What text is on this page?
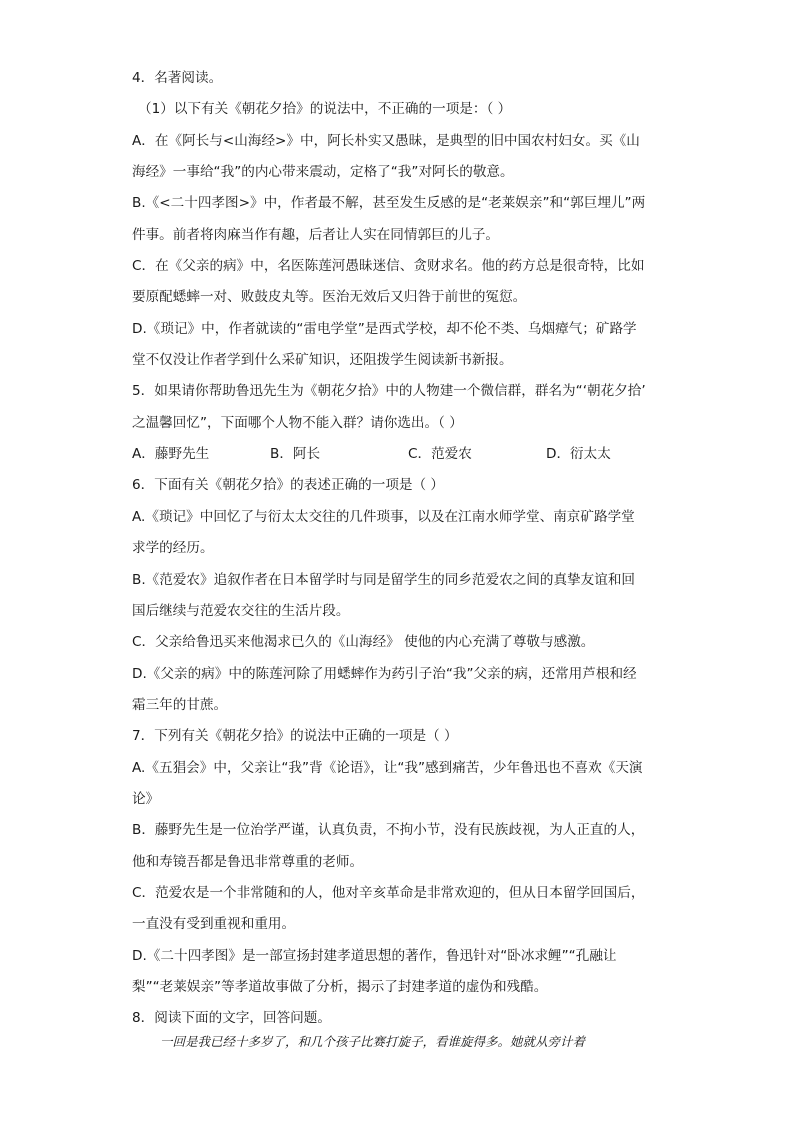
4．名著阅读。
（1）以下有关《朝花夕拾》的说法中，不正确的一项是：（ ）
A．在《阿长与<山海经>》中，阿长朴实又愚昧，是典型的旧中国农村妇女。买《山
海经》一事给“我”的内心带来震动，定格了“我”对阿长的敬意。
B.《<二十四孝图>》中，作者最不解，甚至发生反感的是“老莱娱亲”和“郭巨埋儿”两
件事。前者将肉麻当作有趣，后者让人实在同情郭巨的儿子。
C．在《父亲的病》中，名医陈莲河愚昧迷信、贪财求名。他的药方总是很奇特，比如
要原配蟋蟀一对、败鼓皮丸等。医治无效后又归咎于前世的冤愆。
D.《琐记》中，作者就读的“雷电学堂”是西式学校，却不伦不类、乌烟瘴气；矿路学
堂不仅没让作者学到什么采矿知识，还阻拨学生阅读新书新报。
5．如果请你帮助鲁迅先生为《朝花夕拾》中的人物建一个微信群，群名为“‘朝花夕拾’
之温馨回忆”，下面哪个人物不能入群？请你选出。（ ）
A．藤野先生	B．阿长	C．范爱农	D．衍太太
6．下面有关《朝花夕拾》的表述正确的一项是（ ）
A.《琐记》中回忆了与衍太太交往的几件琐事，以及在江南水师学堂、南京矿路学堂
求学的经历。
B.《范爱农》追叙作者在日本留学时与同是留学生的同乡范爱农之间的真挚友谊和回
国后继续与范爱农交往的生活片段。
C．父亲给鲁迅买来他渴求已久的《山海经》 使他的内心充满了尊敬与感激。
D.《父亲的病》中的陈莲河除了用蟋蟀作为药引子治“我”父亲的病，还常用芦根和经
霜三年的甘蔗。
7．下列有关《朝花夕拾》的说法中正确的一项是（ ）
A.《五猖会》中，父亲让“我”背《论语》，让“我”感到痛苦，少年鲁迅也不喜欢《天演
论》
B．藤野先生是一位治学严谨，认真负责，不拘小节，没有民族歧视，为人正直的人，
他和寿镜吾都是鲁迅非常尊重的老师。
C．范爱农是一个非常随和的人，他对辛亥革命是非常欢迎的，但从日本留学回国后，
一直没有受到重视和重用。
D.《二十四孝图》是一部宣扬封建孝道思想的著作，鲁迅针对“卧冰求鲤”“孔融让
梨”“老莱娱亲”等孝道故事做了分析，揭示了封建孝道的虚伪和残酷。
8．阅读下面的文字，回答问题。
一回是我已经十多岁了，和几个孩子比赛打旋子，看谁旋得多。她就从旁计着
